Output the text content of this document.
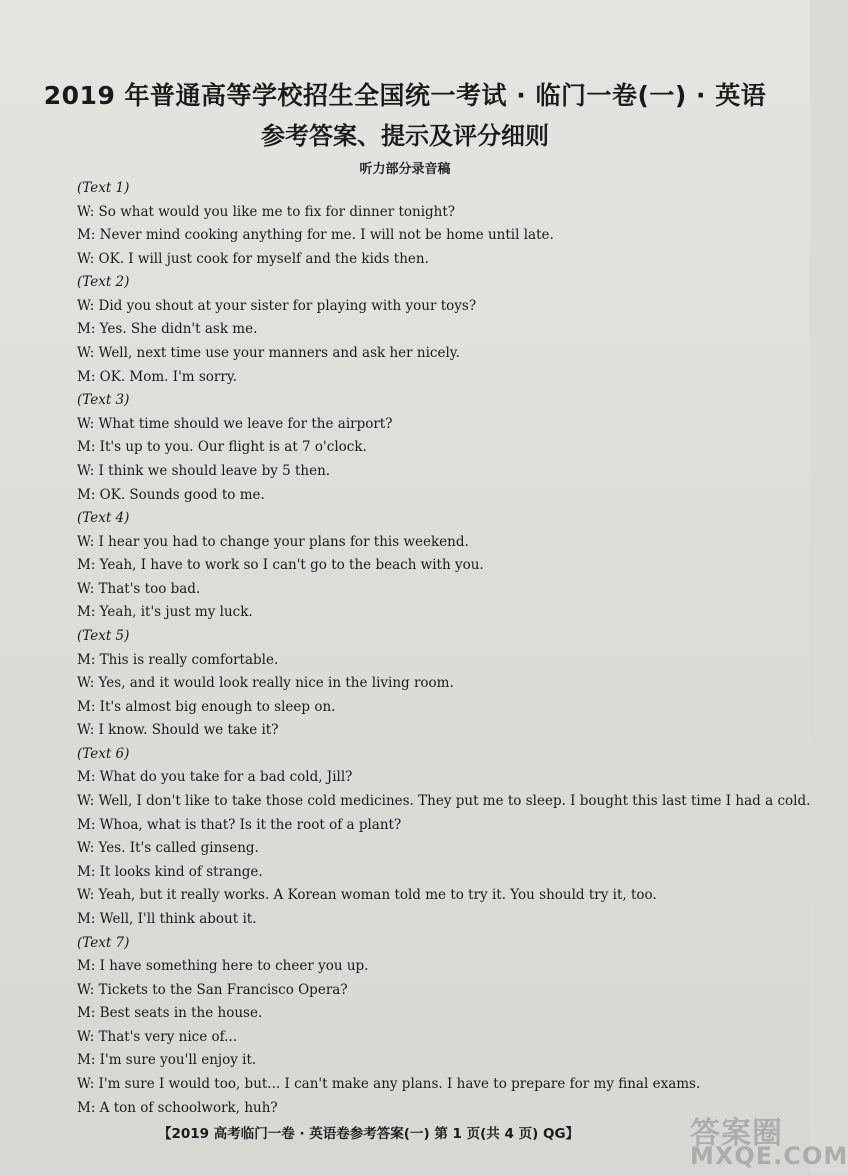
2019 年普通高等学校招生全国统一考试 · 临门一卷(一) · 英语
参考答案、提示及评分细则
听力部分录音稿
(Text 1)
W: So what would you like me to fix for dinner tonight?
M: Never mind cooking anything for me. I will not be home until late.
W: OK. I will just cook for myself and the kids then.
(Text 2)
W: Did you shout at your sister for playing with your toys?
M: Yes. She didn't ask me.
W: Well, next time use your manners and ask her nicely.
M: OK. Mom. I'm sorry.
(Text 3)
W: What time should we leave for the airport?
M: It's up to you. Our flight is at 7 o'clock.
W: I think we should leave by 5 then.
M: OK. Sounds good to me.
(Text 4)
W: I hear you had to change your plans for this weekend.
M: Yeah, I have to work so I can't go to the beach with you.
W: That's too bad.
M: Yeah, it's just my luck.
(Text 5)
M: This is really comfortable.
W: Yes, and it would look really nice in the living room.
M: It's almost big enough to sleep on.
W: I know. Should we take it?
(Text 6)
M: What do you take for a bad cold, Jill?
W: Well, I don't like to take those cold medicines. They put me to sleep. I bought this last time I had a cold.
M: Whoa, what is that? Is it the root of a plant?
W: Yes. It's called ginseng.
M: It looks kind of strange.
W: Yeah, but it really works. A Korean woman told me to try it. You should try it, too.
M: Well, I'll think about it.
(Text 7)
M: I have something here to cheer you up.
W: Tickets to the San Francisco Opera?
M: Best seats in the house.
W: That's very nice of...
M: I'm sure you'll enjoy it.
W: I'm sure I would too, but... I can't make any plans. I have to prepare for my final exams.
M: A ton of schoolwork, huh?
【2019 高考临门一卷 · 英语卷参考答案(一) 第 1 页(共 4 页) QG】	答案圈
MXQE.COM
